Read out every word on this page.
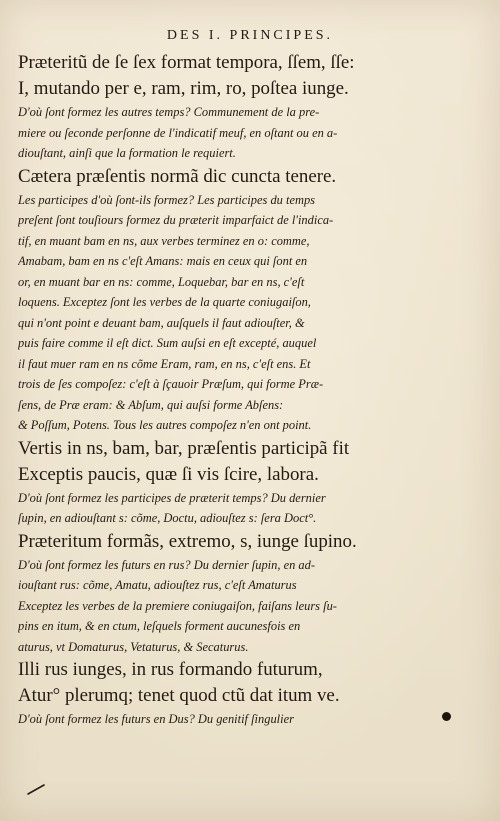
DES I. PRINCIPES.
Præteritũ de ſe ſex format tempora, ſſem, ſſe:
I, mutando per e, ram, rim, ro, poſtea iunge.
D'où ſont formez les autres temps? Communement de la pre-
miere ou ſeconde perſonne de l'indicatif meuf, en oſtant ou en a-
diouſtant, ainſi que la formation le requiert.
Cætera præſentis normã dic cuncta tenere.
Les participes d'où ſont-ils formez? Les participes du temps
preſent ſont touſiours formez du præterit imparfaict de l'indica-
tif, en muant bam en ns, aux verbes terminez en o: comme,
Amabam, bam en ns c'eſt Amans: mais en ceux qui ſont en
or, en muant bar en ns: comme, Loquebar, bar en ns, c'eſt
loquens. Exceptez ſont les verbes de la quarte coniugaiſon,
qui n'ont point e deuant bam, auſquels il faut adiouſter, &
puis faire comme il eſt dict. Sum auſsi en eſt excepté, auquel
il faut muer ram en ns cõme Eram, ram, en ns, c'eſt ens. Et
trois de ſes compoſez: c'eſt à ſçauoir Præſum, qui forme Præ-
ſens, de Præ eram: & Abſum, qui auſsi forme Abſens:
& Poſſum, Potens. Tous les autres compoſez n'en ont point.
Vertis in ns, bam, bar, præſentis participã fit
Exceptis paucis, quæ ſi vis ſcire, labora.
D'où ſont formez les participes de præterit temps? Du dernier
ſupin, en adiouſtant s: cõme, Doctu, adiouſtez s: ſera Doct°.
Præteritum formãs, extremo, s, iunge ſupino.
D'où ſont formez les futurs en rus? Du dernier ſupin, en ad-
iouſtant rus: cõme, Amatu, adiouſtez rus, c'eſt Amaturus
Exceptez les verbes de la premiere coniugaiſon, faiſans leurs ſu-
pins en itum, & en ctum, leſquels forment aucunesfois en
aturus, vt Domaturus, Vetaturus, & Secaturus.
Illi rus iunges, in rus formando futurum,
Atur° plerumq; tenet quod ctũ dat itum ve.
D'où ſont formez les futurs en Dus? Du genitif ſingulier
